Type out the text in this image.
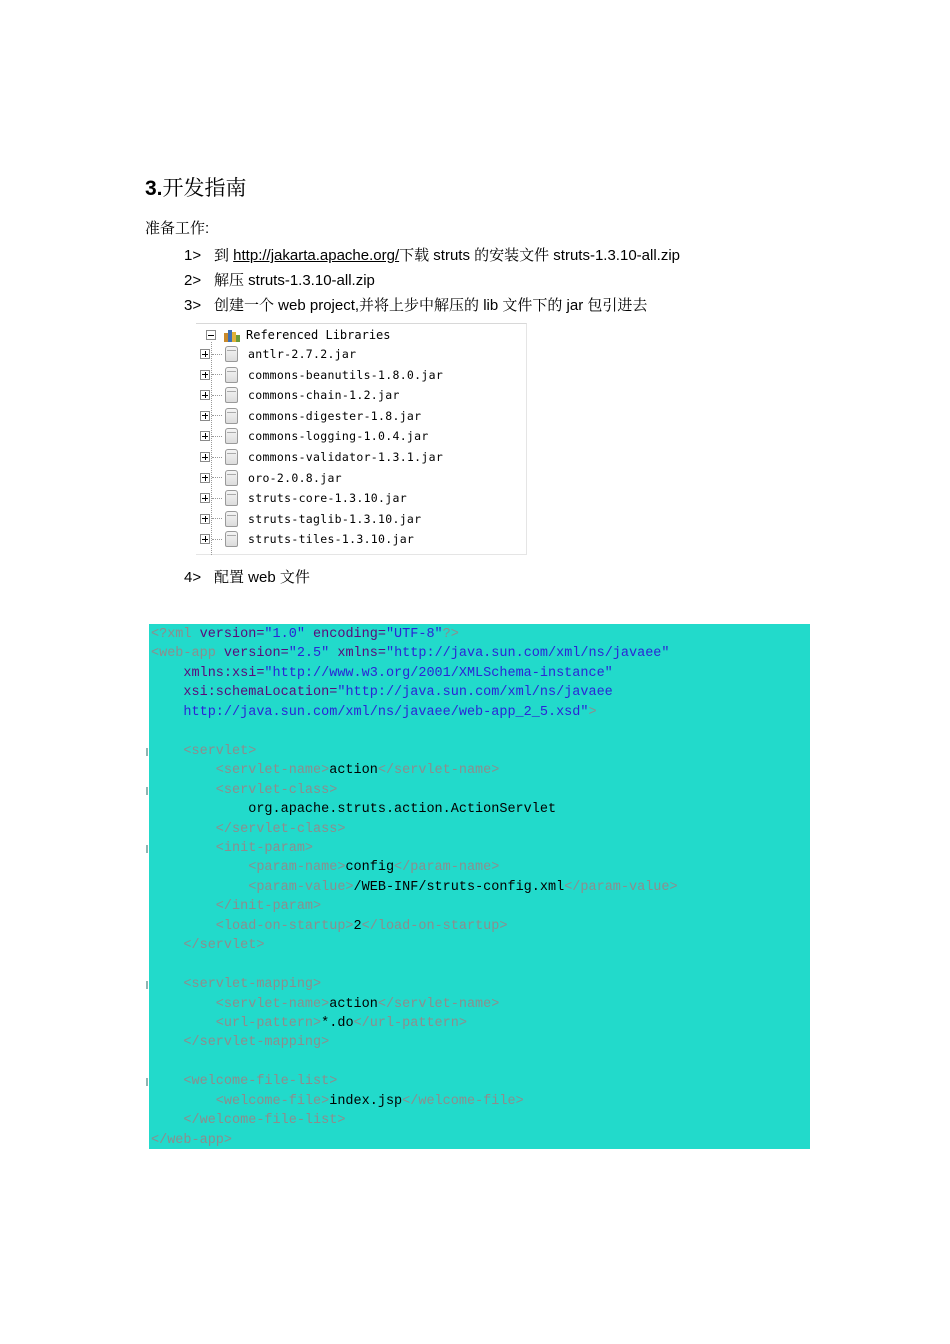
3.开发指南
准备工作:
1> 到 http://jakarta.apache.org/下载 struts 的安装文件 struts-1.3.10-all.zip
2> 解压 struts-1.3.10-all.zip
3> 创建一个 web project,并将上步中解压的 lib 文件下的 jar 包引进去
Referenced Libraries
antlr-2.7.2.jar
commons-beanutils-1.8.0.jar
commons-chain-1.2.jar
commons-digester-1.8.jar
commons-logging-1.0.4.jar
commons-validator-1.3.1.jar
oro-2.0.8.jar
struts-core-1.3.10.jar
struts-taglib-1.3.10.jar
struts-tiles-1.3.10.jar
4> 配置 web 文件
<?xml version="1.0" encoding="UTF-8"?>
<web-app version="2.5" xmlns="http://java.sun.com/xml/ns/javaee"
xmlns:xsi="http://www.w3.org/2001/XMLSchema-instance"
xsi:schemaLocation="http://java.sun.com/xml/ns/javaee
http://java.sun.com/xml/ns/javaee/web-app_2_5.xsd">
<servlet>
<servlet-name>action</servlet-name>
<servlet-class>
org.apache.struts.action.ActionServlet
</servlet-class>
<init-param>
<param-name>config</param-name>
<param-value>/WEB-INF/struts-config.xml</param-value>
</init-param>
<load-on-startup>2</load-on-startup>
</servlet>
<servlet-mapping>
<servlet-name>action</servlet-name>
<url-pattern>*.do</url-pattern>
</servlet-mapping>
<welcome-file-list>
<welcome-file>index.jsp</welcome-file>
</welcome-file-list>
</web-app>
